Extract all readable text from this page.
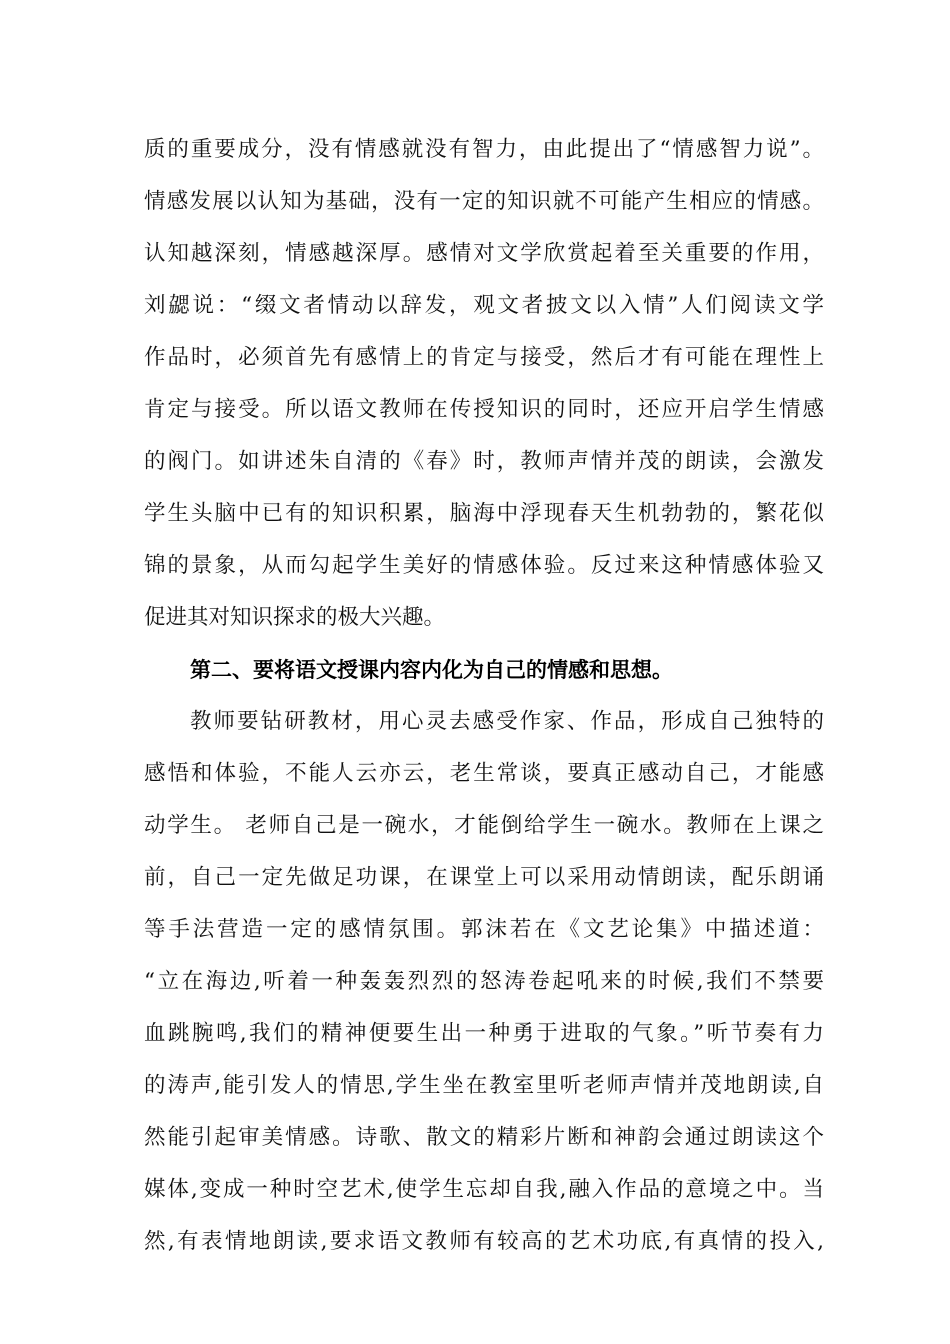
质的重要成分，没有情感就没有智力，由此提出了“情感智力说”。
情感发展以认知为基础，没有一定的知识就不可能产生相应的情感。
认知越深刻，情感越深厚。感情对文学欣赏起着至关重要的作用，
刘勰说：“缀文者情动以辞发，观文者披文以入情”人们阅读文学
作品时，必须首先有感情上的肯定与接受，然后才有可能在理性上
肯定与接受。所以语文教师在传授知识的同时，还应开启学生情感
的阀门。如讲述朱自清的《春》时，教师声情并茂的朗读，会激发
学生头脑中已有的知识积累，脑海中浮现春天生机勃勃的，繁花似
锦的景象，从而勾起学生美好的情感体验。反过来这种情感体验又
促进其对知识探求的极大兴趣。
第二、要将语文授课内容内化为自己的情感和思想。
教师要钻研教材，用心灵去感受作家、作品，形成自己独特的
感悟和体验，不能人云亦云，老生常谈，要真正感动自己，才能感
动学生。 老师自己是一碗水，才能倒给学生一碗水。教师在上课之
前，自己一定先做足功课，在课堂上可以采用动情朗读，配乐朗诵
等手法营造一定的感情氛围。郭沫若在《文艺论集》中描述道：
“立在海边,听着一种轰轰烈烈的怒涛卷起吼来的时候,我们不禁要
血跳腕鸣,我们的精神便要生出一种勇于进取的气象。”听节奏有力
的涛声,能引发人的情思,学生坐在教室里听老师声情并茂地朗读,自
然能引起审美情感。诗歌、散文的精彩片断和神韵会通过朗读这个
媒体,变成一种时空艺术,使学生忘却自我,融入作品的意境之中。当
然,有表情地朗读,要求语文教师有较高的艺术功底,有真情的投入,
